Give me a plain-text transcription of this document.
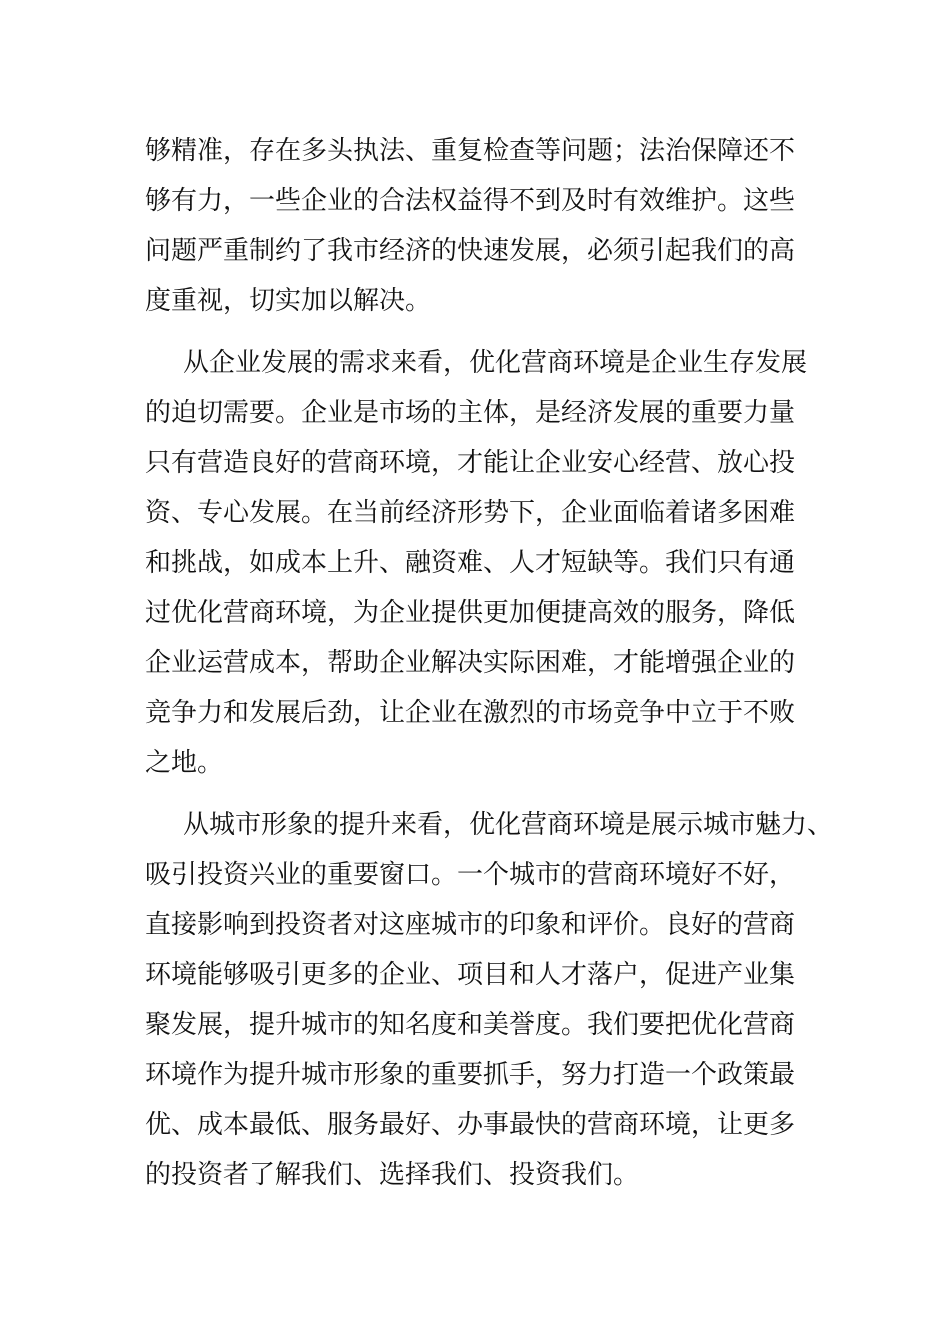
够精准，存在多头执法、重复检查等问题；法治保障还不
够有力，一些企业的合法权益得不到及时有效维护。这些
问题严重制约了我市经济的快速发展，必须引起我们的高
度重视，切实加以解决。
从企业发展的需求来看，优化营商环境是企业生存发展
的迫切需要。企业是市场的主体，是经济发展的重要力量
只有营造良好的营商环境，才能让企业安心经营、放心投
资、专心发展。在当前经济形势下，企业面临着诸多困难
和挑战，如成本上升、融资难、人才短缺等。我们只有通
过优化营商环境，为企业提供更加便捷高效的服务，降低
企业运营成本，帮助企业解决实际困难，才能增强企业的
竞争力和发展后劲，让企业在激烈的市场竞争中立于不败
之地。
从城市形象的提升来看，优化营商环境是展示城市魅力、
吸引投资兴业的重要窗口。一个城市的营商环境好不好，
直接影响到投资者对这座城市的印象和评价。良好的营商
环境能够吸引更多的企业、项目和人才落户，促进产业集
聚发展，提升城市的知名度和美誉度。我们要把优化营商
环境作为提升城市形象的重要抓手，努力打造一个政策最
优、成本最低、服务最好、办事最快的营商环境，让更多
的投资者了解我们、选择我们、投资我们。
